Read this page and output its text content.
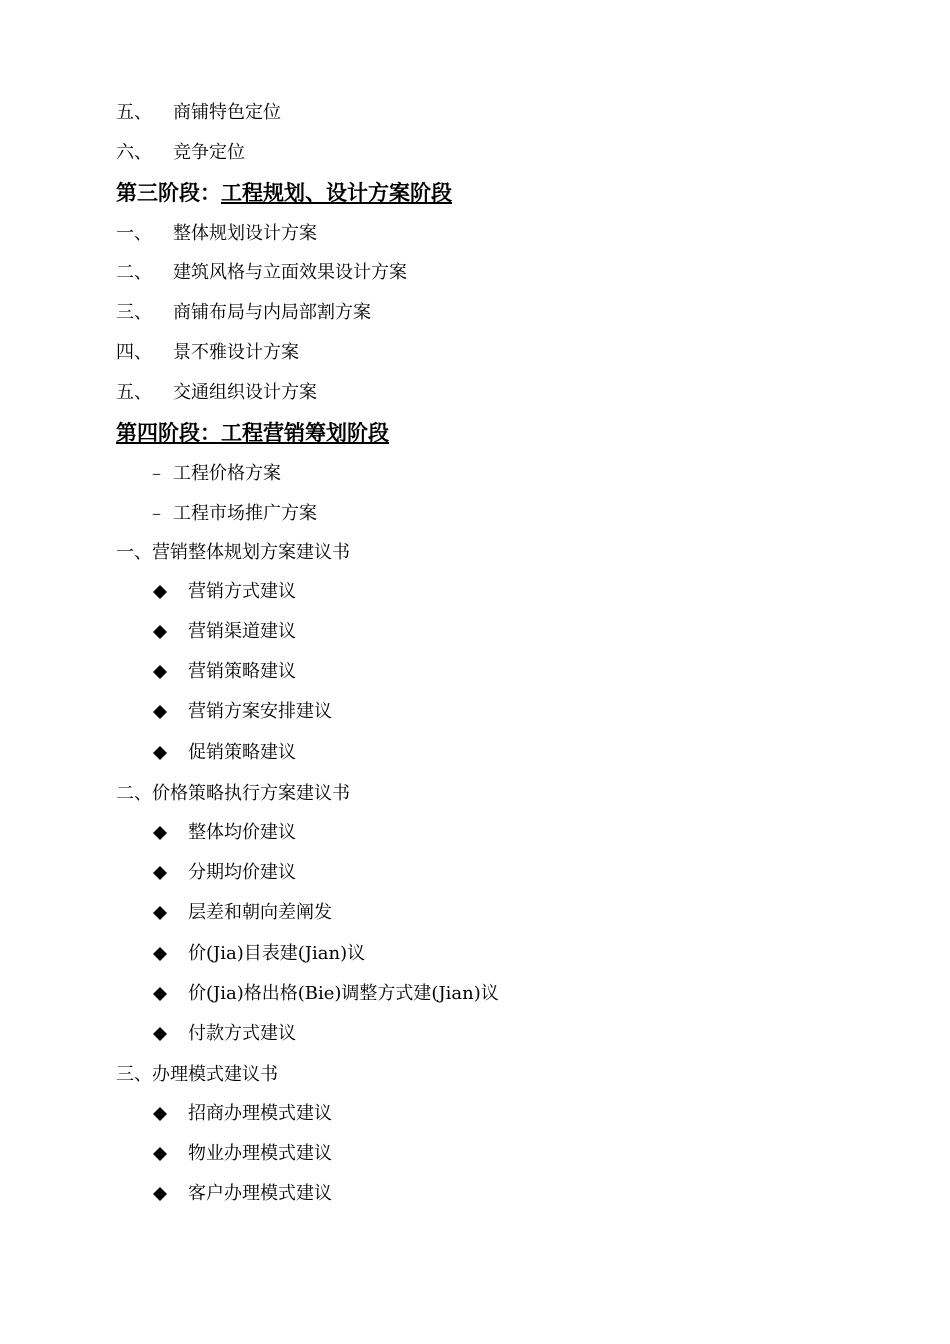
五、 商铺特色定位
六、 竞争定位
第三阶段：工程规划、设计方案阶段
一、 整体规划设计方案
二、 建筑风格与立面效果设计方案
三、 商铺布局与内局部割方案
四、 景不雅设计方案
五、 交通组织设计方案
第四阶段：工程营销筹划阶段
– 工程价格方案
– 工程市场推广方案
一、营销整体规划方案建议书
营销方式建议
营销渠道建议
营销策略建议
营销方案安排建议
促销策略建议
二、价格策略执行方案建议书
整体均价建议
分期均价建议
层差和朝向差阐发
价(Jia)目表建(Jian)议
价(Jia)格出格(Bie)调整方式建(Jian)议
付款方式建议
三、办理模式建议书
招商办理模式建议
物业办理模式建议
客户办理模式建议
